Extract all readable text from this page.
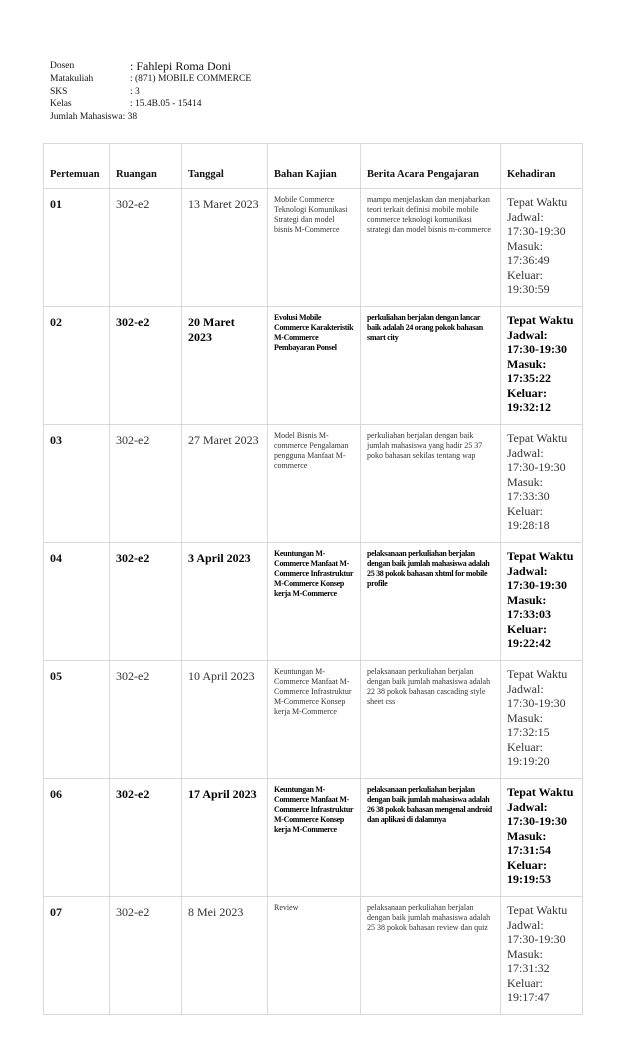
Dosen	: Fahlepi Roma Doni
Matakuliah	: (871) MOBILE COMMERCE
SKS	: 3
Kelas	: 15.4B.05 - 15414
Jumlah Mahasiswa : 38
Pertemuan	Ruangan	Tanggal	Bahan Kajian	Berita Acara Pengajaran	Kehadiran
01	302-e2	13 Maret 2023	Mobile Commerce Teknologi Komunikasi Strategi dan model bisnis M-Commerce	mampu menjelaskan dan menjabarkan teori terkait definisi mobile mobile commerce teknologi komunikasi strategi dan model bisnis m-commerce	Tepat Waktu
Jadwal: 17:30-19:30
Masuk: 17:36:49
Keluar: 19:30:59

02	302-e2	20 Maret 2023	Evolusi Mobile Commerce Karakteristik M-Commerce Pembayaran Ponsel	perkuliahan berjalan dengan lancar baik adalah 24 orang pokok bahasan smart city	Tepat Waktu
Jadwal: 17:30-19:30
Masuk: 17:35:22
Keluar: 19:32:12

03	302-e2	27 Maret 2023	Model Bisnis M-commerce Pengalaman pengguna Manfaat M-commerce	perkuliahan berjalan dengan baik jumlah mahasiswa yang hadir 25 37 poko bahasan sekilas tentang wap	Tepat Waktu
Jadwal: 17:30-19:30
Masuk: 17:33:30
Keluar: 19:28:18

04	302-e2	3 April 2023	Keuntungan M-Commerce Manfaat M-Commerce Infrastruktur M-Commerce Konsep kerja M-Commerce	pelaksanaan perkuliahan berjalan dengan baik jumlah mahasiswa adalah 25 38 pokok bahasan xhtml for mobile profile	Tepat Waktu
Jadwal: 17:30-19:30
Masuk: 17:33:03
Keluar: 19:22:42

05	302-e2	10 April 2023	Keuntungan M-Commerce Manfaat M-Commerce Infrastruktur M-Commerce Konsep kerja M-Commerce	pelaksanaan perkuliahan berjalan dengan baik jumlah mahasiswa adalah 22 38 pokok bahasan cascading style sheet css	Tepat Waktu
Jadwal: 17:30-19:30
Masuk: 17:32:15
Keluar: 19:19:20

06	302-e2	17 April 2023	Keuntungan M-Commerce Manfaat M-Commerce Infrastruktur M-Commerce Konsep kerja M-Commerce	pelaksanaan perkuliahan berjalan dengan baik jumlah mahasiswa adalah 26 38 pokok bahasan mengenal android dan aplikasi di dalamnya	Tepat Waktu
Jadwal: 17:30-19:30
Masuk: 17:31:54
Keluar: 19:19:53

07	302-e2	8 Mei 2023	Review	pelaksanaan perkuliahan berjalan dengan baik jumlah mahasiswa adalah 25 38 pokok bahasan review dan quiz	Tepat Waktu
Jadwal: 17:30-19:30
Masuk: 17:31:32
Keluar: 19:17:47
